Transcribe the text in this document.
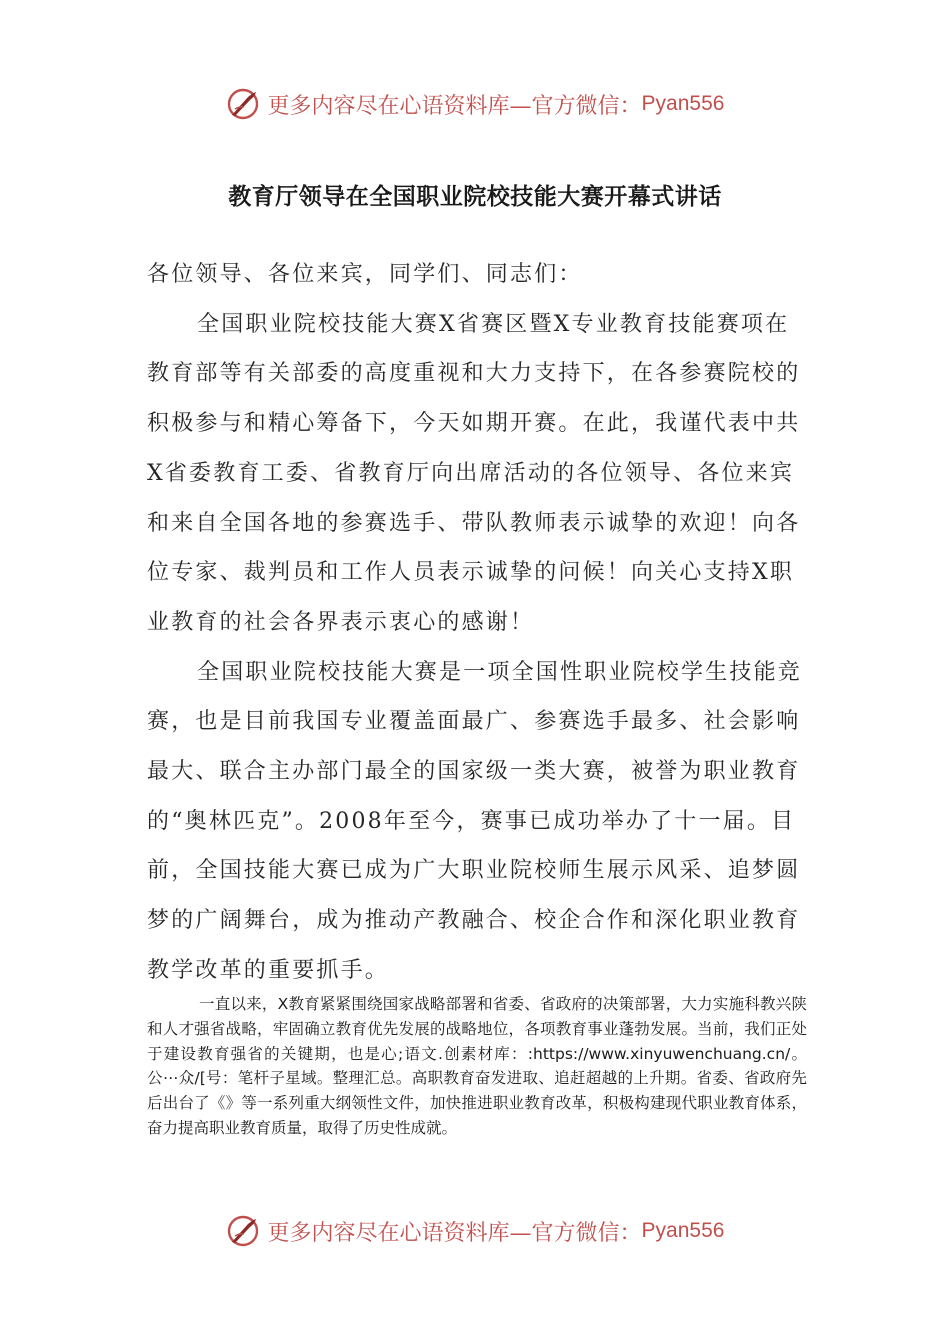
更多内容尽在心语资料库—官方微信： Pyan556
教育厅领导在全国职业院校技能大赛开幕式讲话

各位领导、各位来宾，同学们、同志们：

全国职业院校技能大赛X省赛区暨X专业教育技能赛项在教育部等有关部委的高度重视和大力支持下，在各参赛院校的积极参与和精心筹备下，今天如期开赛。在此，我谨代表中共X省委教育工委、省教育厅向出席活动的各位领导、各位来宾和来自全国各地的参赛选手、带队教师表示诚挚的欢迎！向各位专家、裁判员和工作人员表示诚挚的问候！向关心支持X职业教育的社会各界表示衷心的感谢！

全国职业院校技能大赛是一项全国性职业院校学生技能竞赛，也是目前我国专业覆盖面最广、参赛选手最多、社会影响最大、联合主办部门最全的国家级一类大赛，被誉为职业教育的“奥林匹克”。2008年至今，赛事已成功举办了十一届。目前，全国技能大赛已成为广大职业院校师生展示风采、追梦圆梦的广阔舞台，成为推动产教融合、校企合作和深化职业教育教学改革的重要抓手。

一直以来，X教育紧紧围绕国家战略部署和省委、省政府的决策部署，大力实施科教兴陕和人才强省战略，牢固确立教育优先发展的战略地位，各项教育事业蓬勃发展。当前，我们正处于建设教育强省的关键期，也是心;语文.创素材库：:https://www.xinyuwenchuang.cn/。公⋯众/[号：笔杆子星域。整理汇总。高职教育奋发进取、追赶超越的上升期。省委、省政府先后出台了《》等一系列重大纲领性文件，加快推进职业教育改革，积极构建现代职业教育体系，奋力提高职业教育质量，取得了历史性成就。
更多内容尽在心语资料库—官方微信： Pyan556
